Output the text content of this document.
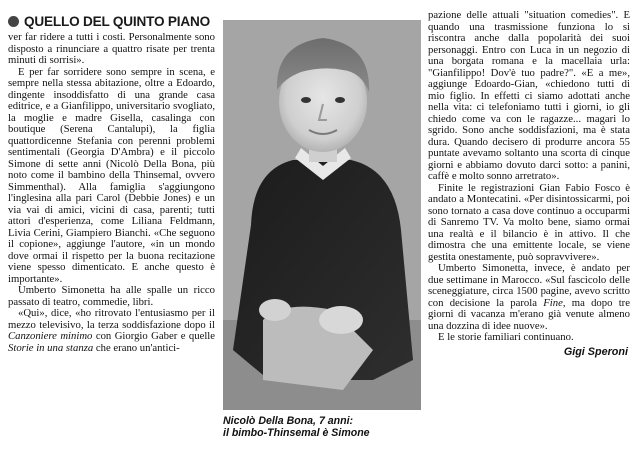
QUELLO DEL QUINTO PIANO

ver far ridere a tutti i costi. Personalmente sono disposto a rinunciare a quattro risate per trenta minuti di sorrisi».

E per far sorridere sono sempre in scena, e sempre nella stessa abitazione, oltre a Edoardo, dingente insoddisfatto di una grande casa editrice, e a Gianfilippo, universitario svogliato, la moglie e madre Gisella, casalinga con boutique (Serena Cantalupi), la figlia quattordicenne Stefania con perenni problemi sentimentali (Georgia D'Ambra) e il piccolo Simone di sette anni (Nicolò Della Bona, più noto come il bambino della Thinsemal, ovvero Simmenthal). Alla famiglia s'aggiungono l'inglesina alla pari Carol (Debbie Jones) e un via vai di amici, vicini di casa, parenti; tutti attori d'esperienza, come Liliana Feldmann, Livia Cerini, Giampiero Bianchi. «Che seguono il copione», aggiunge l'autore, «in un mondo dove ormai il rispetto per la buona recitazione viene spesso dimenticato. E anche questo è importante».

Umberto Simonetta ha alle spalle un ricco passato di teatro, commedie, libri.

«Qui», dice, «ho ritrovato l'entusiasmo per il mezzo televisivo, la terza soddisfazione dopo il Canzoniere minimo con Giorgio Gaber e quelle Storie in una stanza che erano un'antici-

Nicolò Della Bona, 7 anni:
il bimbo-Thinsemal è Simone

pazione delle attuali "situation comedies". E quando una trasmissione funziona lo si riscontra anche dalla popolarità dei suoi personaggi. Entro con Luca in un negozio di una borgata romana e la macellaia urla: "Gianfilippo! Dov'è tuo padre?". «E a me», aggiunge Edoardo-Gian, «chiedono tutti di mio figlio. In effetti ci siamo adottati anche nella vita: ci telefoniamo tutti i giorni, io gli chiedo come va con le ragazze... magari lo sgrido. Sono anche soddisfazioni, ma è stata dura. Quando decisero di produrre ancora 55 puntate avevamo soltanto una scorta di cinque giorni e abbiamo dovuto darci sotto: a panini, caffè e molto sonno arretrato».

Finite le registrazioni Gian Fabio Fosco è andato a Montecatini. «Per disintossicarmi, poi sono tornato a casa dove continuo a occuparmi di Sanremo TV. Va molto bene, siamo ormai una realtà e il bilancio è in attivo. Il che dimostra che una emittente locale, se viene gestita onestamente, può sopravvivere».

Umberto Simonetta, invece, è andato per due settimane in Marocco. «Sul fascicolo delle sceneggiature, circa 1500 pagine, avevo scritto con decisione la parola Fine, ma dopo tre giorni di vacanza m'erano già venute almeno una dozzina di idee nuove».

E le storie familiari continuano.

Gigi Speroni
